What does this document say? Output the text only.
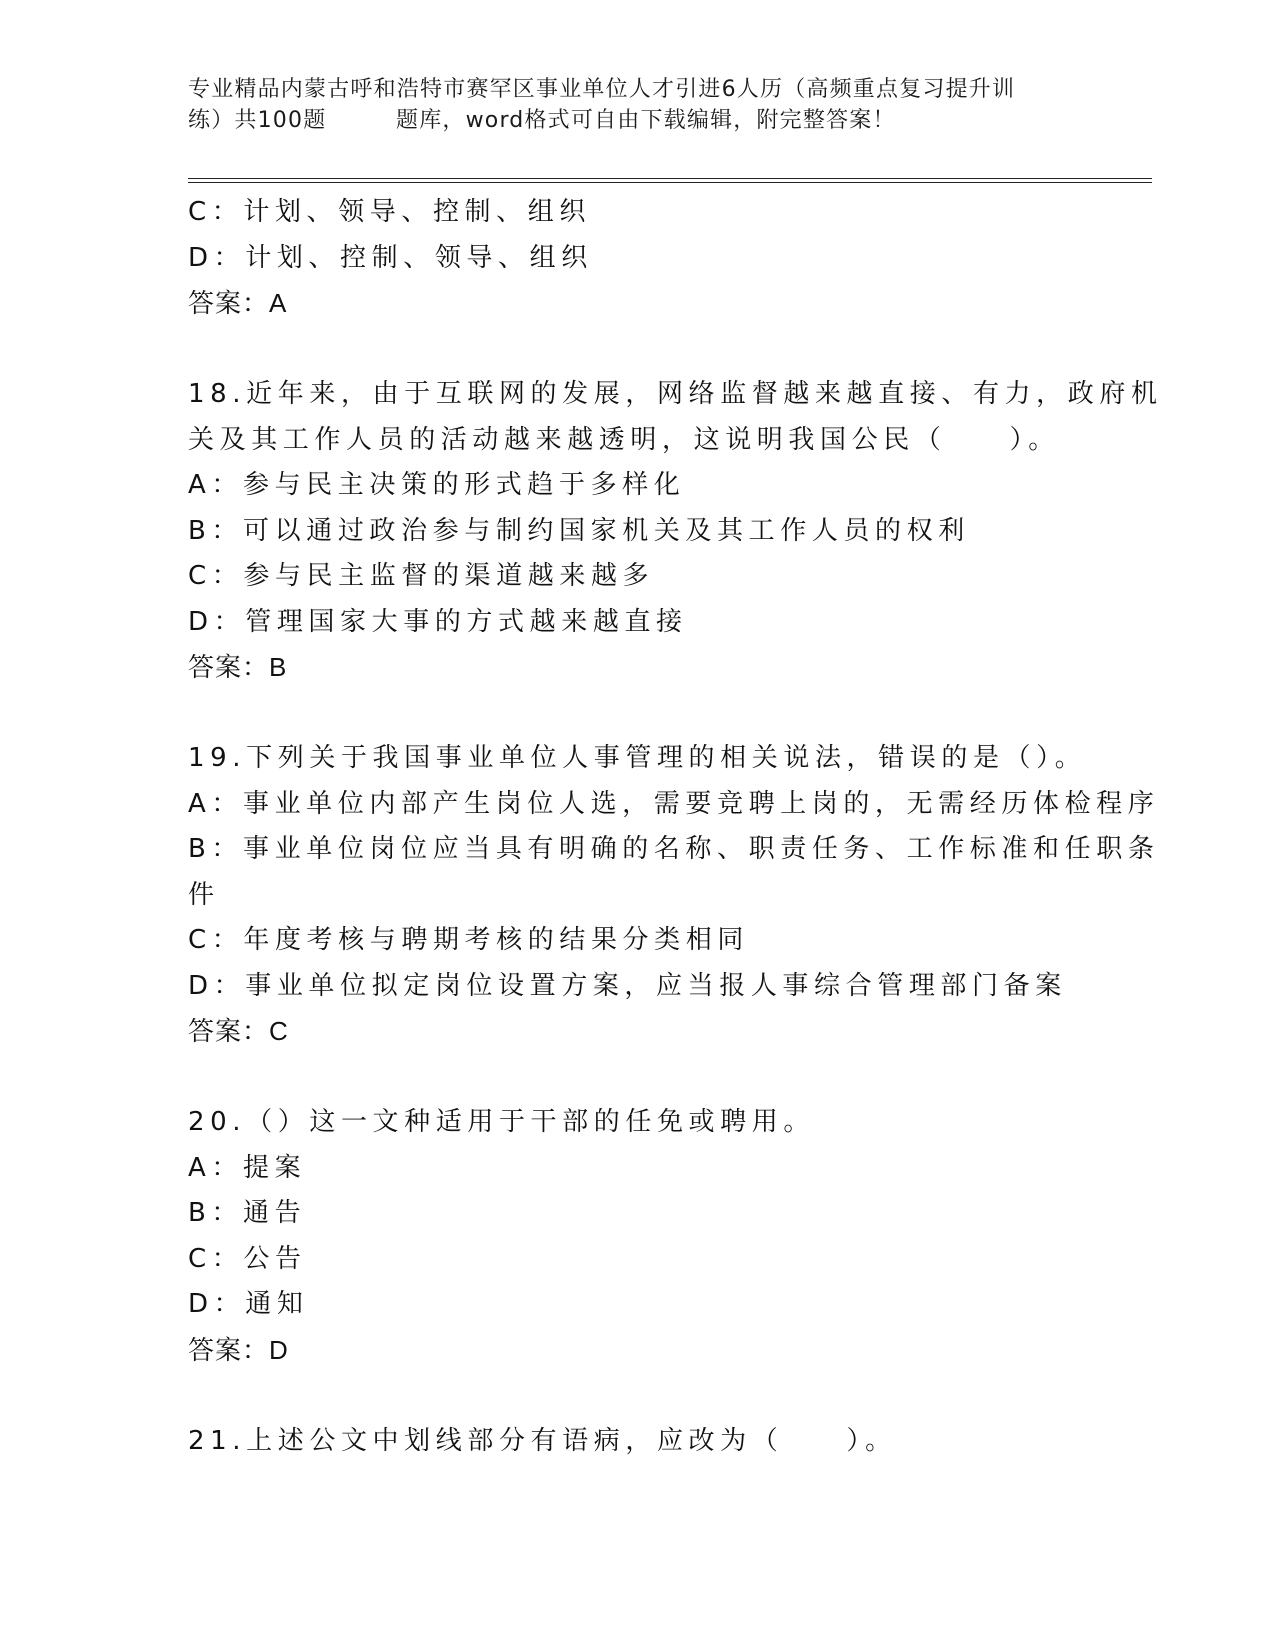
专业精品内蒙古呼和浩特市赛罕区事业单位人才引进6人历（高频重点复习提升训
练）共100题　　　题库，word格式可自由下载编辑，附完整答案！
C：计划、领导、控制、组织
D：计划、控制、领导、组织
答案：A
18.近年来，由于互联网的发展，网络监督越来越直接、有力，政府机
关及其工作人员的活动越来越透明，这说明我国公民（　　）。
A：参与民主决策的形式趋于多样化
B：可以通过政治参与制约国家机关及其工作人员的权利
C：参与民主监督的渠道越来越多
D：管理国家大事的方式越来越直接
答案：B
19.下列关于我国事业单位人事管理的相关说法，错误的是（）。
A：事业单位内部产生岗位人选，需要竞聘上岗的，无需经历体检程序
B：事业单位岗位应当具有明确的名称、职责任务、工作标准和任职条
件
C：年度考核与聘期考核的结果分类相同
D：事业单位拟定岗位设置方案，应当报人事综合管理部门备案
答案：C
20.（）这一文种适用于干部的任免或聘用。
A：提案
B：通告
C：公告
D：通知
答案：D
21.上述公文中划线部分有语病，应改为（　　）。
